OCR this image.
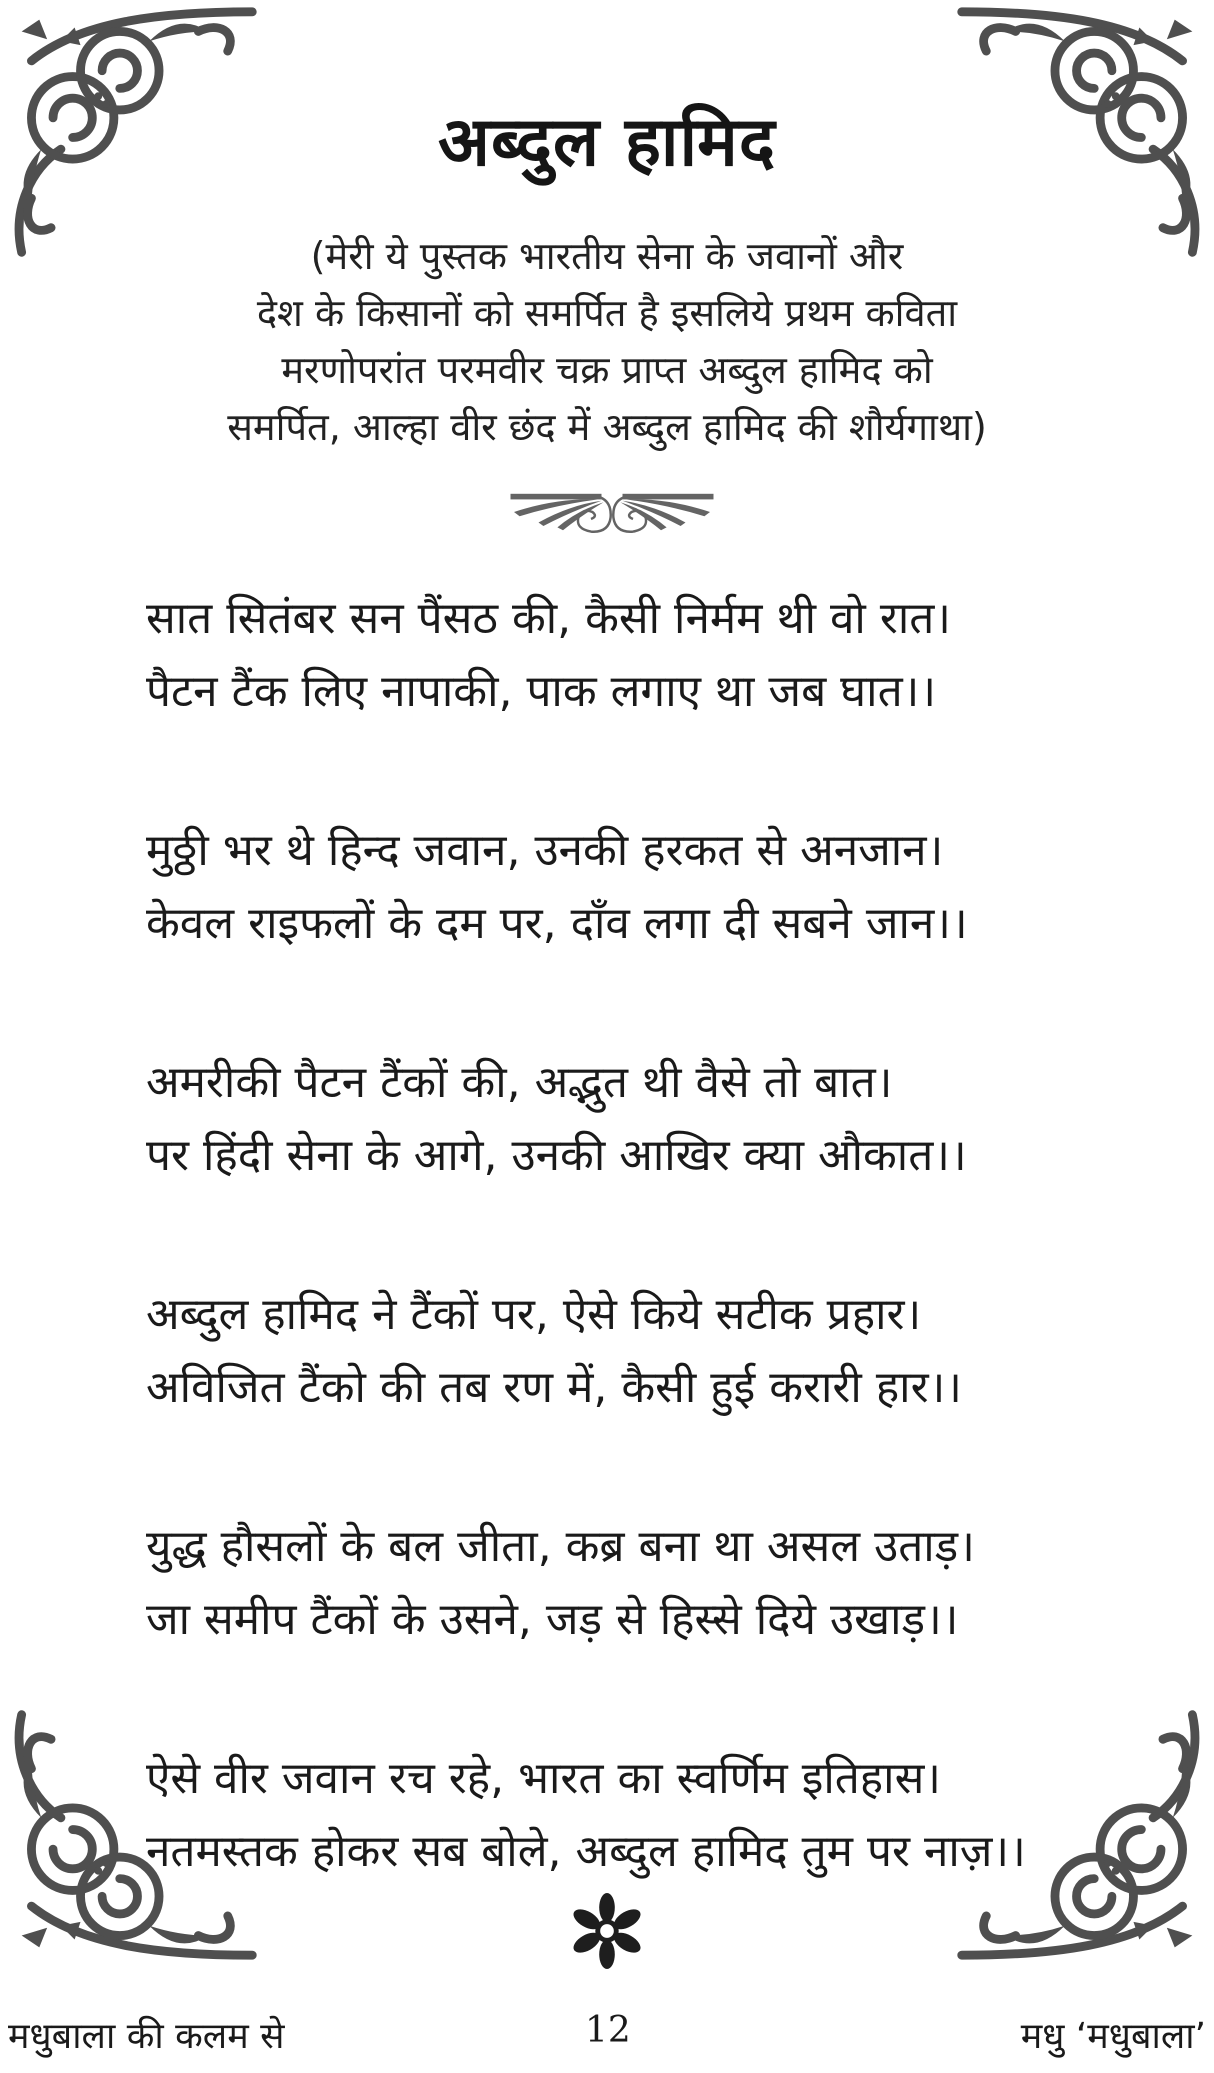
अब्दुल हामिद
(मेरी ये पुस्तक भारतीय सेना के जवानों और
देश के किसानों को समर्पित है इसलिये प्रथम कविता
मरणोपरांत परमवीर चक्र प्राप्त अब्दुल हामिद को
समर्पित, आल्हा वीर छंद में अब्दुल हामिद की शौर्यगाथा)
सात सितंबर सन पैंसठ की, कैसी निर्मम थी वो रात।
पैटन टैंक लिए नापाकी, पाक लगाए था जब घात।।
मुठ्ठी भर थे हिन्द जवान, उनकी हरकत से अनजान।
केवल राइफलों के दम पर, दाँव लगा दी सबने जान।।
अमरीकी पैटन टैंकों की, अद्भुत थी वैसे तो बात।
पर हिंदी सेना के आगे, उनकी आखिर क्या औकात।।
अब्दुल हामिद ने टैंकों पर, ऐसे किये सटीक प्रहार।
अविजित टैंको की तब रण में, कैसी हुई करारी हार।।
युद्ध हौसलों के बल जीता, कब्र बना था असल उताड़।
जा समीप टैंकों के उसने, जड़ से हिस्से दिये उखाड़।।
ऐसे वीर जवान रच रहे, भारत का स्वर्णिम इतिहास।
नतमस्तक होकर सब बोले, अब्दुल हामिद तुम पर नाज़।।
मधुबाला की कलम से	12	मधु ‘मधुबाला’
